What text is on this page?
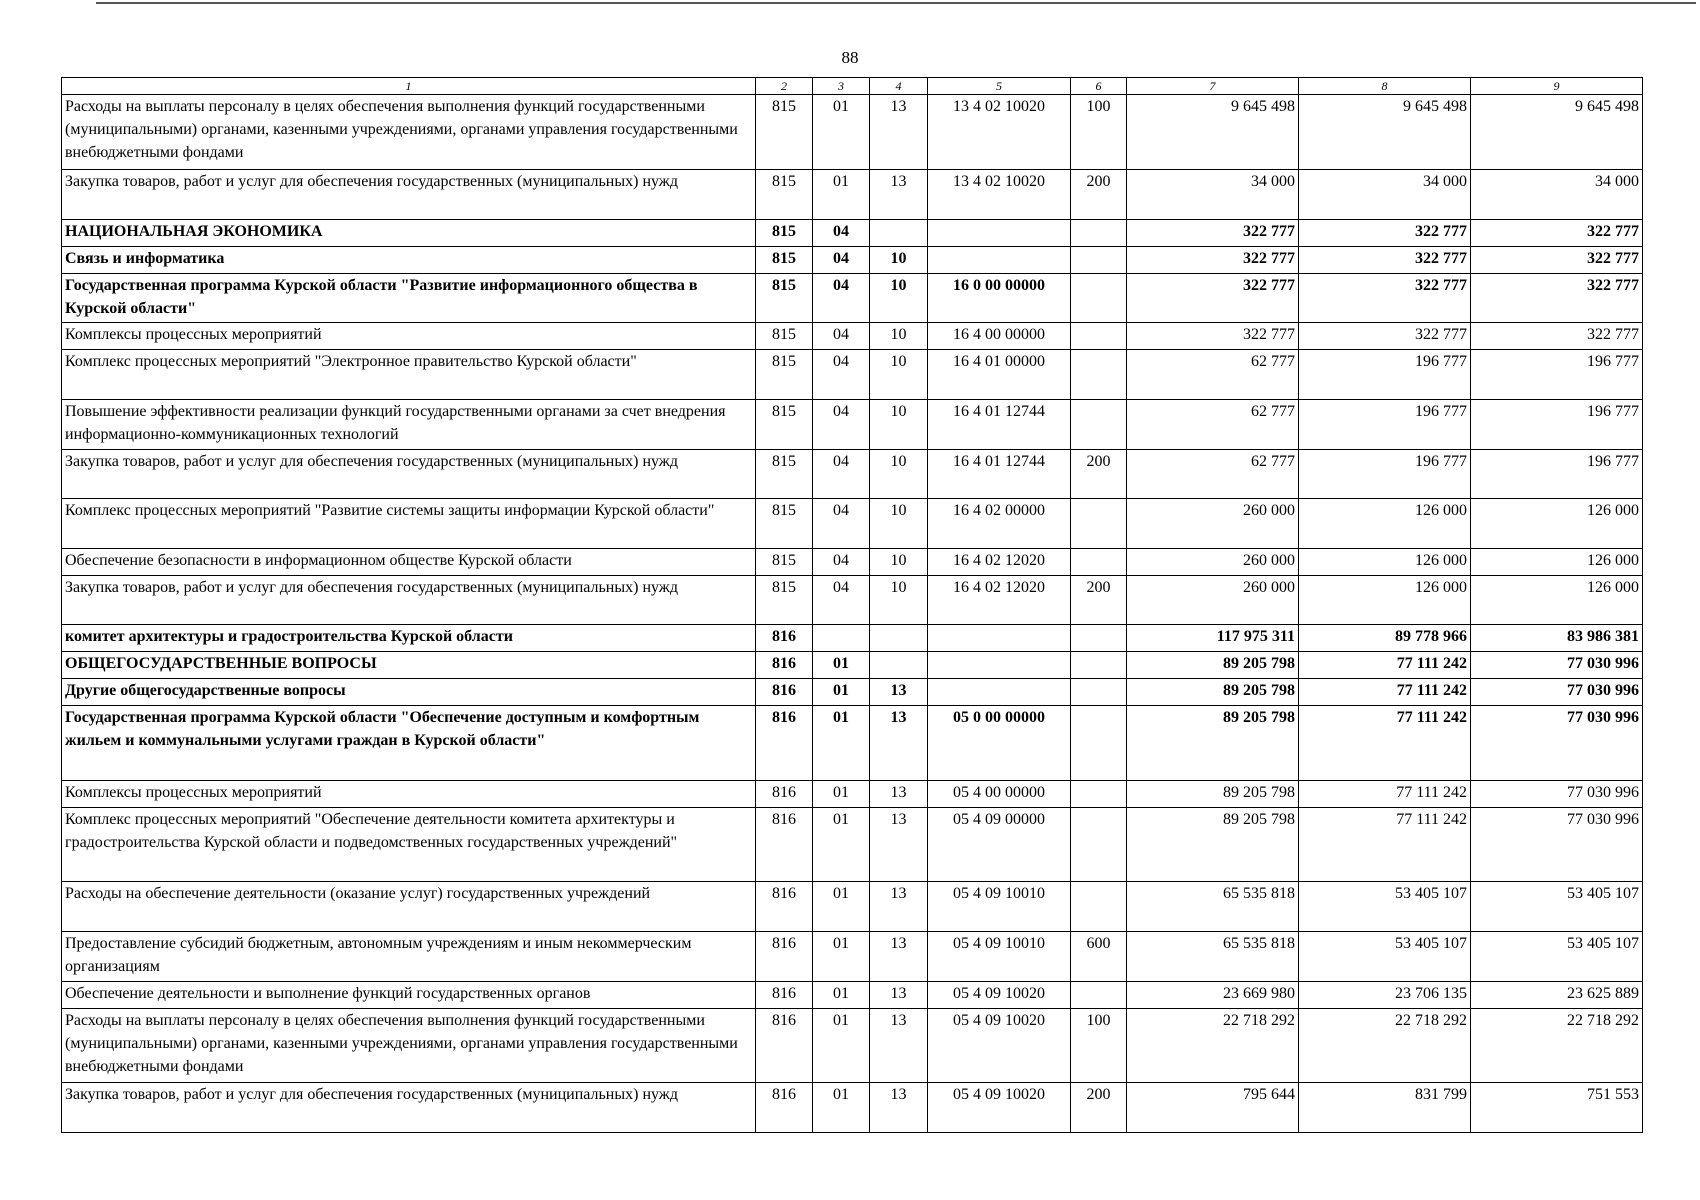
88
1	2	3	4	5	6	7	8	9
Расходы на выплаты персоналу в целях обеспечения выполнения функций государственными (муниципальными) органами, казенными учреждениями, органами управления государственными внебюджетными фондами	815	01	13	13 4 02 10020	100	9 645 498	9 645 498	9 645 498
Закупка товаров, работ и услуг для обеспечения государственных (муниципальных) нужд	815	01	13	13 4 02 10020	200	34 000	34 000	34 000
НАЦИОНАЛЬНАЯ ЭКОНОМИКА	815	04				322 777	322 777	322 777
Связь и информатика	815	04	10			322 777	322 777	322 777
Государственная программа Курской области "Развитие информационного общества в Курской области"	815	04	10	16 0 00 00000		322 777	322 777	322 777
Комплексы процессных мероприятий	815	04	10	16 4 00 00000		322 777	322 777	322 777
Комплекс процессных мероприятий "Электронное правительство Курской области"	815	04	10	16 4 01 00000		62 777	196 777	196 777
Повышение эффективности реализации функций государственными органами за счет внедрения информационно-коммуникационных технологий	815	04	10	16 4 01 12744		62 777	196 777	196 777
Закупка товаров, работ и услуг для обеспечения государственных (муниципальных) нужд	815	04	10	16 4 01 12744	200	62 777	196 777	196 777
Комплекс процессных мероприятий "Развитие системы защиты информации Курской области"	815	04	10	16 4 02 00000		260 000	126 000	126 000
Обеспечение безопасности в информационном обществе Курской области	815	04	10	16 4 02 12020		260 000	126 000	126 000
Закупка товаров, работ и услуг для обеспечения государственных (муниципальных) нужд	815	04	10	16 4 02 12020	200	260 000	126 000	126 000
комитет архитектуры и градостроительства Курской области	816					117 975 311	89 778 966	83 986 381
ОБЩЕГОСУДАРСТВЕННЫЕ ВОПРОСЫ	816	01				89 205 798	77 111 242	77 030 996
Другие общегосударственные вопросы	816	01	13			89 205 798	77 111 242	77 030 996
Государственная программа Курской области "Обеспечение доступным и комфортным жильем и коммунальными услугами граждан в Курской области"	816	01	13	05 0 00 00000		89 205 798	77 111 242	77 030 996
Комплексы процессных мероприятий	816	01	13	05 4 00 00000		89 205 798	77 111 242	77 030 996
Комплекс процессных мероприятий "Обеспечение деятельности комитета архитектуры и градостроительства Курской области и подведомственных государственных учреждений"	816	01	13	05 4 09 00000		89 205 798	77 111 242	77 030 996
Расходы на обеспечение деятельности (оказание услуг) государственных учреждений	816	01	13	05 4 09 10010		65 535 818	53 405 107	53 405 107
Предоставление субсидий бюджетным, автономным учреждениям и иным некоммерческим организациям	816	01	13	05 4 09 10010	600	65 535 818	53 405 107	53 405 107
Обеспечение деятельности и выполнение функций государственных органов	816	01	13	05 4 09 10020		23 669 980	23 706 135	23 625 889
Расходы на выплаты персоналу в целях обеспечения выполнения функций государственными (муниципальными) органами, казенными учреждениями, органами управления государственными внебюджетными фондами	816	01	13	05 4 09 10020	100	22 718 292	22 718 292	22 718 292
Закупка товаров, работ и услуг для обеспечения государственных (муниципальных) нужд	816	01	13	05 4 09 10020	200	795 644	831 799	751 553
